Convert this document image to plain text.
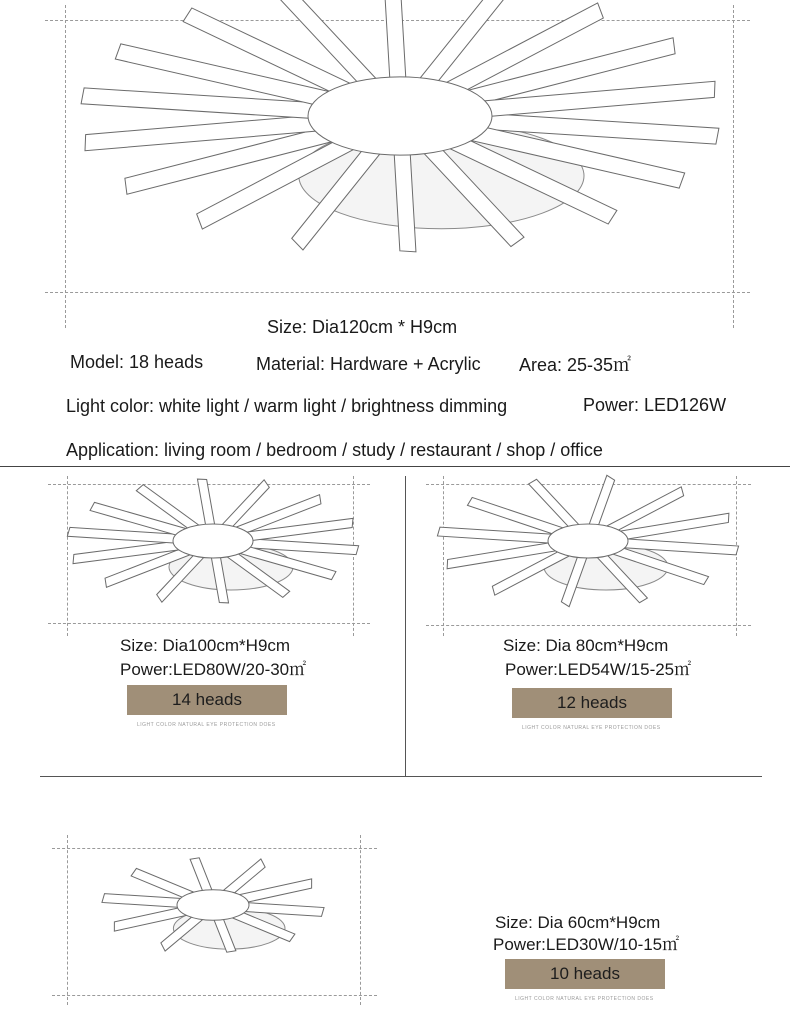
Size: Dia120cm * H9cm
Model: 18 heads	Material: Hardware + Acrylic Area: 25-35㎡
Light color: white light / warm light / brightness dimming	Power: LED126W
Application: living room / bedroom / study / restaurant / shop / office
Size: Dia100cm*H9cm
Power:LED80W/20-30㎡
14 heads
LIGHT COLOR NATURAL EYE PROTECTION DOES
Size: Dia 80cm*H9cm
Power:LED54W/15-25㎡
12 heads
LIGHT COLOR NATURAL EYE PROTECTION DOES
Size: Dia 60cm*H9cm
Power:LED30W/10-15㎡
10 heads
LIGHT COLOR NATURAL EYE PROTECTION DOES
